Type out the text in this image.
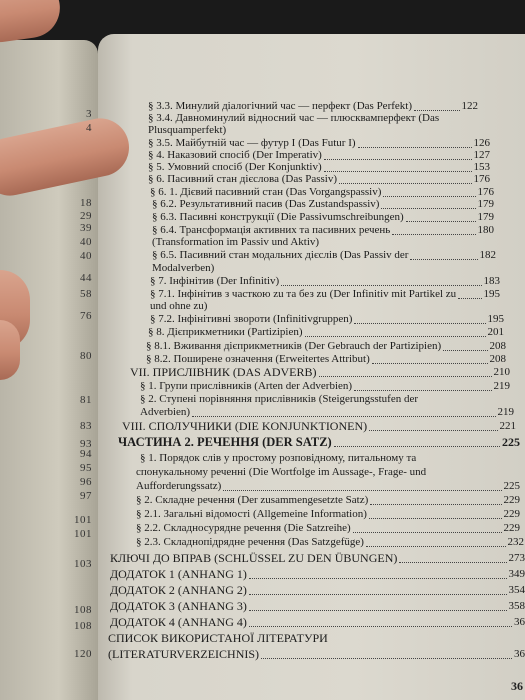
3
4
18
29
39
40
40
44
58
76
80
81
83
93
94
95
96
97
101
101
103
108
108
120
§ 3.3. Минулий діалогічний час — перфект (Das Perfekt)	122
§ 3.4. Давноминулий відносний час — плюсквамперфект (Das
Plusquamperfekt)
§ 3.5. Майбутній час — футур I (Das Futur I)	126
§ 4. Наказовий спосіб (Der Imperativ)	127
§ 5. Умовний спосіб (Der Konjunktiv)	153
§ 6. Пасивний стан дієслова (Das Passiv)	176
§ 6. 1. Дієвий пасивний стан (Das Vorgangspassiv)	176
§ 6.2. Результативний пасив (Das Zustandspassiv)	179
§ 6.3. Пасивні конструкції (Die Passivumschreibungen)	179
§ 6.4. Трансформація активних та пасивних речень	180
(Transformation im Passiv und Aktiv)
§ 6.5. Пасивний стан модальних дієслів (Das Passiv der	182
Modalverben)
§ 7. Інфінітив (Der Infinitiv)	183
§ 7.1. Інфінітив з часткою zu та без zu (Der Infinitiv mit Partikel zu 195
und ohne zu)
§ 7.2. Інфінітивні звороти (Infinitivgruppen)	195
§ 8. Дієприкметники (Partizipien)	201
§ 8.1. Вживання дієприкметників (Der Gebrauch der Partizipien)	208
§ 8.2. Поширене означення (Erweitertes Attribut)	208
VII. ПРИСЛІВНИК (DAS ADVERB)	210
§ 1. Групи прислівників (Arten der Adverbien)	219
§ 2. Ступені порівняння прислівників (Steigerungsstufen der
Adverbien)	219
VIII. СПОЛУЧНИКИ (DIE KONJUNKTIONEN)	221
ЧАСТИНА 2. РЕЧЕННЯ (DER SATZ)	225
§ 1. Порядок слів у простому розповідному, питальному та
спонукальному реченні (Die Wortfolge im Aussage-, Frage- und
Aufforderungssatz)	225
§ 2. Складне речення (Der zusammengesetzte Satz)	229
§ 2.1. Загальні відомості (Allgemeine Information)	229
§ 2.2. Складносурядне речення (Die Satzreihe)	229
§ 2.3. Складнопідрядне речення (Das Satzgefüge)	232
КЛЮЧІ ДО ВПРАВ (SCHLÜSSEL ZU DEN ÜBUNGEN)	273
ДОДАТОК 1 (ANHANG 1)	349
ДОДАТОК 2 (ANHANG 2)	354
ДОДАТОК 3 (ANHANG 3)	358
ДОДАТОК 4 (ANHANG 4)	36
СПИСОК ВИКОРИСТАНОЇ ЛІТЕРАТУРИ
(LITERATURVERZEICHNIS)	36
36
